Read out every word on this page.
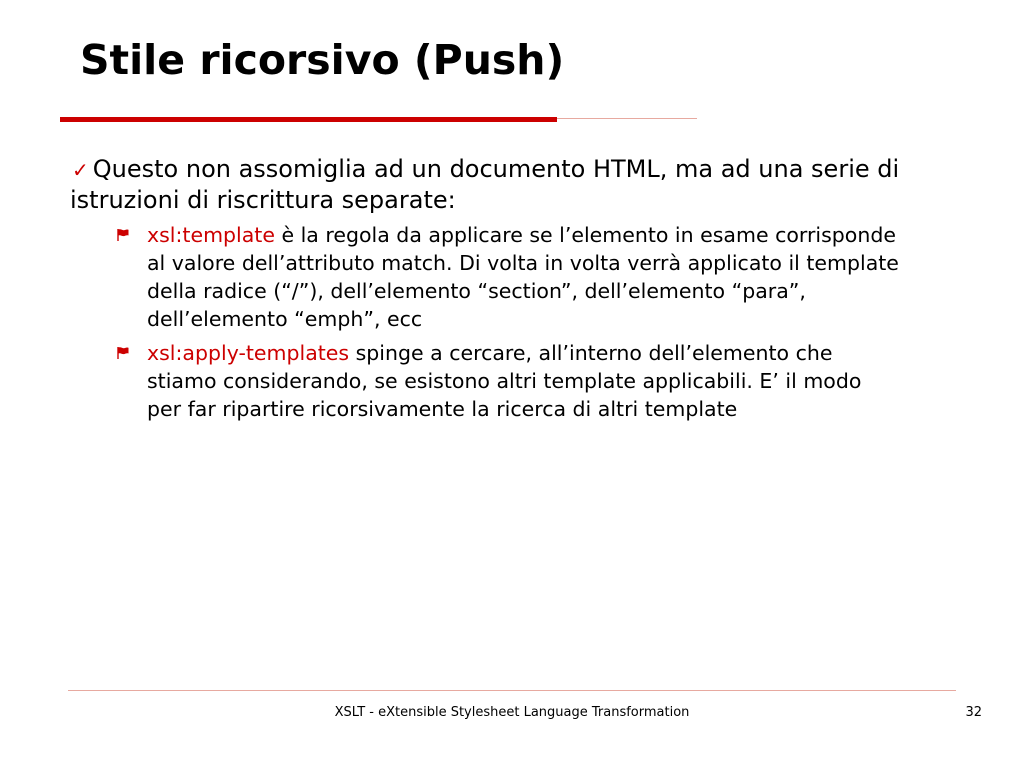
Stile ricorsivo (Push)

✓ Questo non assomiglia ad un documento HTML, ma ad una serie di istruzioni di riscrittura separate:

xsl:template è la regola da applicare se l’elemento in esame corrisponde al valore dell’attributo match. Di volta in volta verrà applicato il template della radice (“/”), dell’elemento “section”, dell’elemento “para”, dell’elemento “emph”, ecc
xsl:apply-templates spinge a cercare, all’interno dell’elemento che stiamo considerando, se esistono altri template applicabili. E’ il modo per far ripartire ricorsivamente la ricerca di altri template
XSLT - eXtensible Stylesheet Language Transformation	32
